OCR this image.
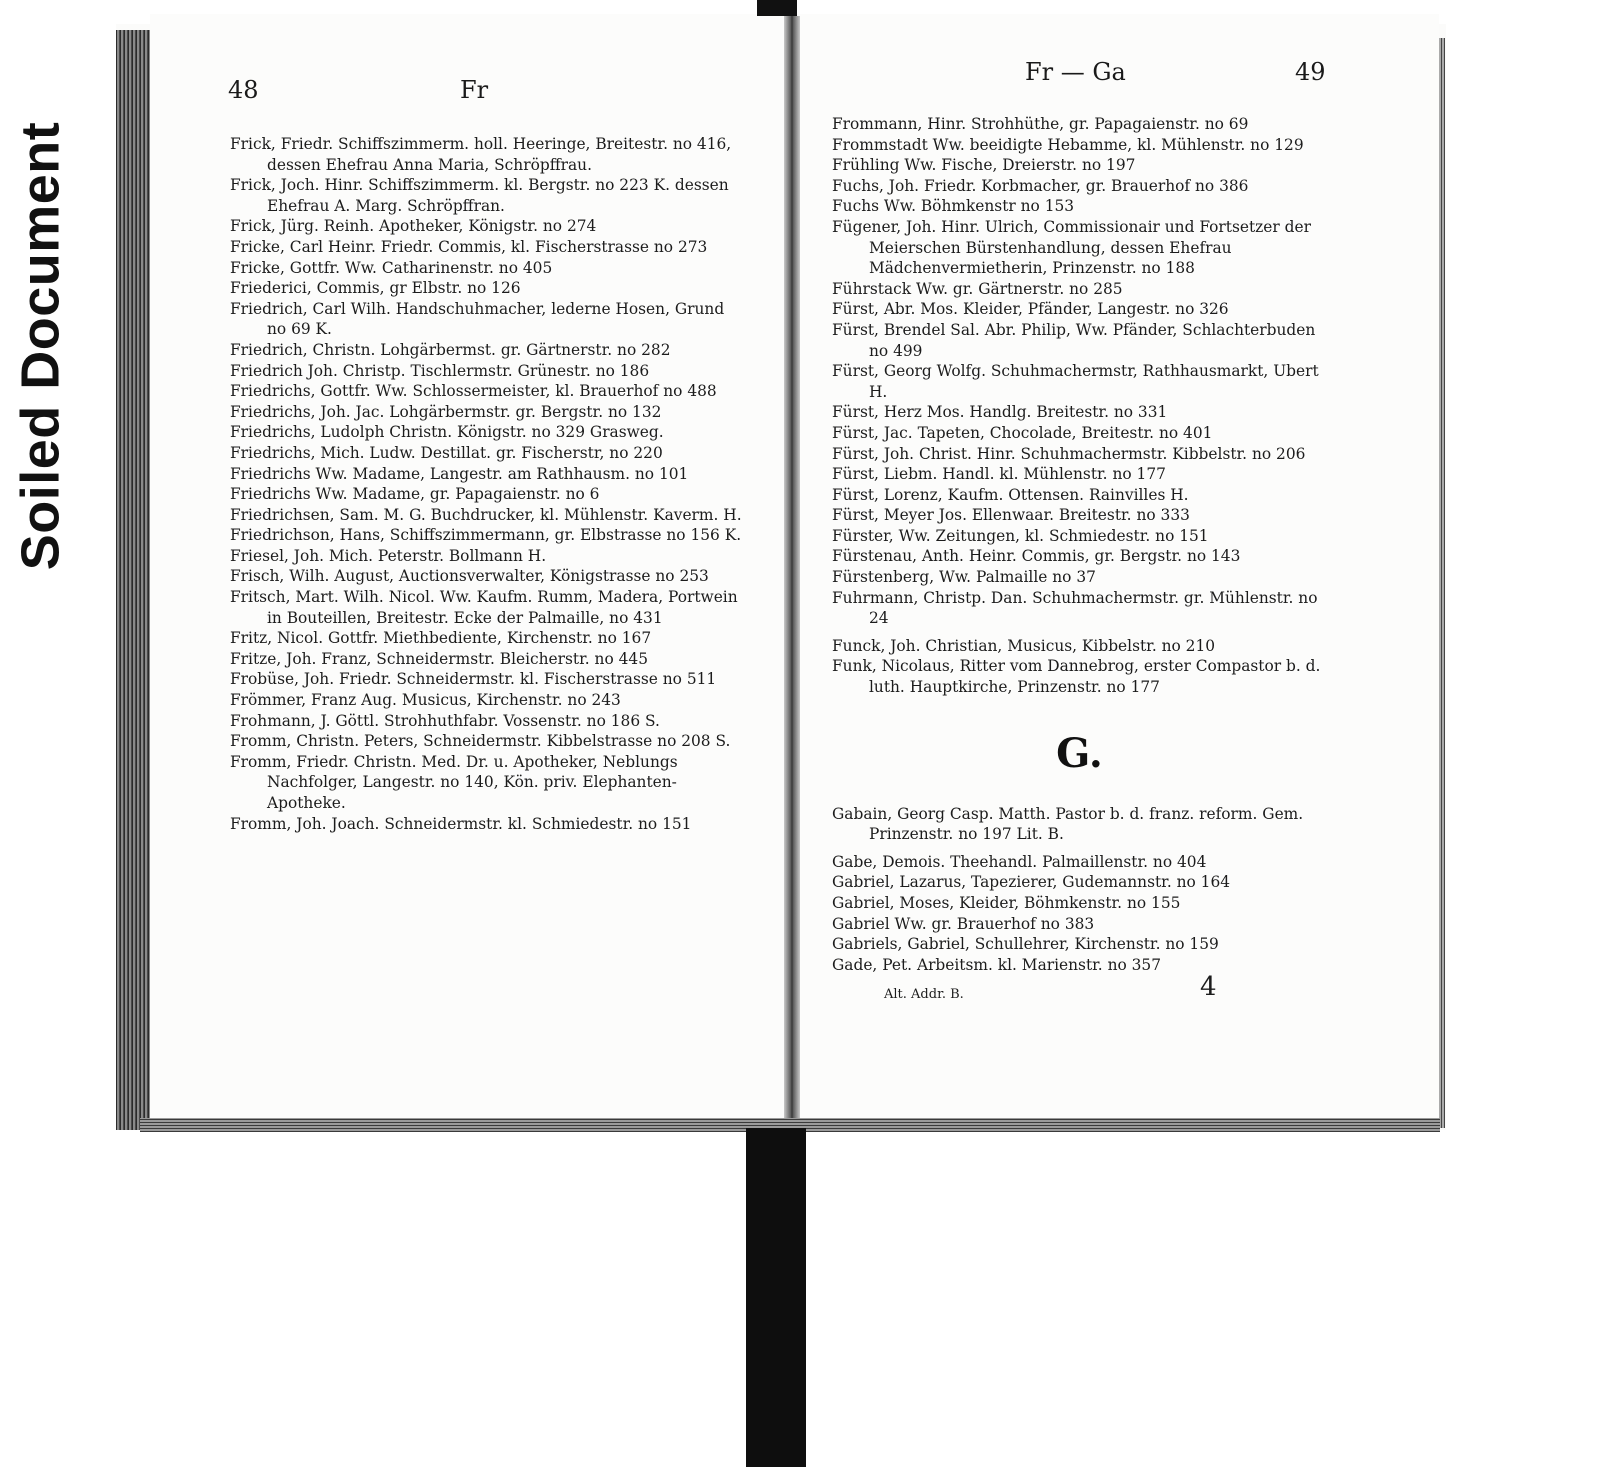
Soiled Document
48	Fr
Frick, Friedr. Schiffszimmerm. holl. Heeringe, Breitestr. no 416, dessen Ehefrau Anna Maria, Schröpffrau.
Frick, Joch. Hinr. Schiffszimmerm. kl. Bergstr. no 223 K. dessen Ehefrau A. Marg. Schröpffran.
Frick, Jürg. Reinh. Apotheker, Königstr. no 274
Fricke, Carl Heinr. Friedr. Commis, kl. Fischerstrasse no 273
Fricke, Gottfr. Ww. Catharinenstr. no 405
Friederici, Commis, gr Elbstr. no 126
Friedrich, Carl Wilh. Handschuhmacher, lederne Hosen, Grund no 69 K.
Friedrich, Christn. Lohgärbermst. gr. Gärtnerstr. no 282
Friedrich Joh. Christp. Tischlermstr. Grünestr. no 186
Friedrichs, Gottfr. Ww. Schlossermeister, kl. Brauerhof no 488
Friedrichs, Joh. Jac. Lohgärbermstr. gr. Bergstr. no 132
Friedrichs, Ludolph Christn. Königstr. no 329 Grasweg.
Friedrichs, Mich. Ludw. Destillat. gr. Fischerstr, no 220
Friedrichs Ww. Madame, Langestr. am Rathhausm. no 101
Friedrichs Ww. Madame, gr. Papagaienstr. no 6
Friedrichsen, Sam. M. G. Buchdrucker, kl. Mühlenstr. Kaverm. H.
Friedrichson, Hans, Schiffszimmermann, gr. Elbstrasse no 156 K.
Friesel, Joh. Mich. Peterstr. Bollmann H.
Frisch, Wilh. August, Auctionsverwalter, Königstrasse no 253
Fritsch, Mart. Wilh. Nicol. Ww. Kaufm. Rumm, Madera, Portwein in Bouteillen, Breitestr. Ecke der Palmaille, no 431
Fritz, Nicol. Gottfr. Miethbediente, Kirchenstr. no 167
Fritze, Joh. Franz, Schneidermstr. Bleicherstr. no 445
Frobüse, Joh. Friedr. Schneidermstr. kl. Fischerstrasse no 511
Frömmer, Franz Aug. Musicus, Kirchenstr. no 243
Frohmann, J. Göttl. Strohhuthfabr. Vossenstr. no 186 S.
Fromm, Christn. Peters, Schneidermstr. Kibbelstrasse no 208 S.
Fromm, Friedr. Christn. Med. Dr. u. Apotheker, Neblungs Nachfolger, Langestr. no 140, Kön. priv. Elephanten-Apotheke.
Fromm, Joh. Joach. Schneidermstr. kl. Schmiedestr. no 151
Fr — Ga	49
Frommann, Hinr. Strohhüthe, gr. Papagaienstr. no 69
Frommstadt Ww. beeidigte Hebamme, kl. Mühlenstr. no 129
Frühling Ww. Fische, Dreierstr. no 197
Fuchs, Joh. Friedr. Korbmacher, gr. Brauerhof no 386
Fuchs Ww. Böhmkenstr no 153
Fügener, Joh. Hinr. Ulrich, Commissionair und Fortsetzer der Meierschen Bürstenhandlung, dessen Ehefrau Mädchenvermietherin, Prinzenstr. no 188
Führstack Ww. gr. Gärtnerstr. no 285
Fürst, Abr. Mos. Kleider, Pfänder, Langestr. no 326
Fürst, Brendel Sal. Abr. Philip, Ww. Pfänder, Schlachterbuden no 499
Fürst, Georg Wolfg. Schuhmachermstr, Rathhausmarkt, Ubert H.
Fürst, Herz Mos. Handlg. Breitestr. no 331
Fürst, Jac. Tapeten, Chocolade, Breitestr. no 401
Fürst, Joh. Christ. Hinr. Schuhmachermstr. Kibbelstr. no 206
Fürst, Liebm. Handl. kl. Mühlenstr. no 177
Fürst, Lorenz, Kaufm. Ottensen. Rainvilles H.
Fürst, Meyer Jos. Ellenwaar. Breitestr. no 333
Fürster, Ww. Zeitungen, kl. Schmiedestr. no 151
Fürstenau, Anth. Heinr. Commis, gr. Bergstr. no 143
Fürstenberg, Ww. Palmaille no 37
Fuhrmann, Christp. Dan. Schuhmachermstr. gr. Mühlenstr. no 24
Funck, Joh. Christian, Musicus, Kibbelstr. no 210
Funk, Nicolaus, Ritter vom Dannebrog, erster Compastor b. d. luth. Hauptkirche, Prinzenstr. no 177
G.
Gabain, Georg Casp. Matth. Pastor b. d. franz. reform. Gem. Prinzenstr. no 197 Lit. B.
Gabe, Demois. Theehandl. Palmaillenstr. no 404
Gabriel, Lazarus, Tapezierer, Gudemannstr. no 164
Gabriel, Moses, Kleider, Böhmkenstr. no 155
Gabriel Ww. gr. Brauerhof no 383
Gabriels, Gabriel, Schullehrer, Kirchenstr. no 159
Gade, Pet. Arbeitsm. kl. Marienstr. no 357
Alt. Addr. B.	4
